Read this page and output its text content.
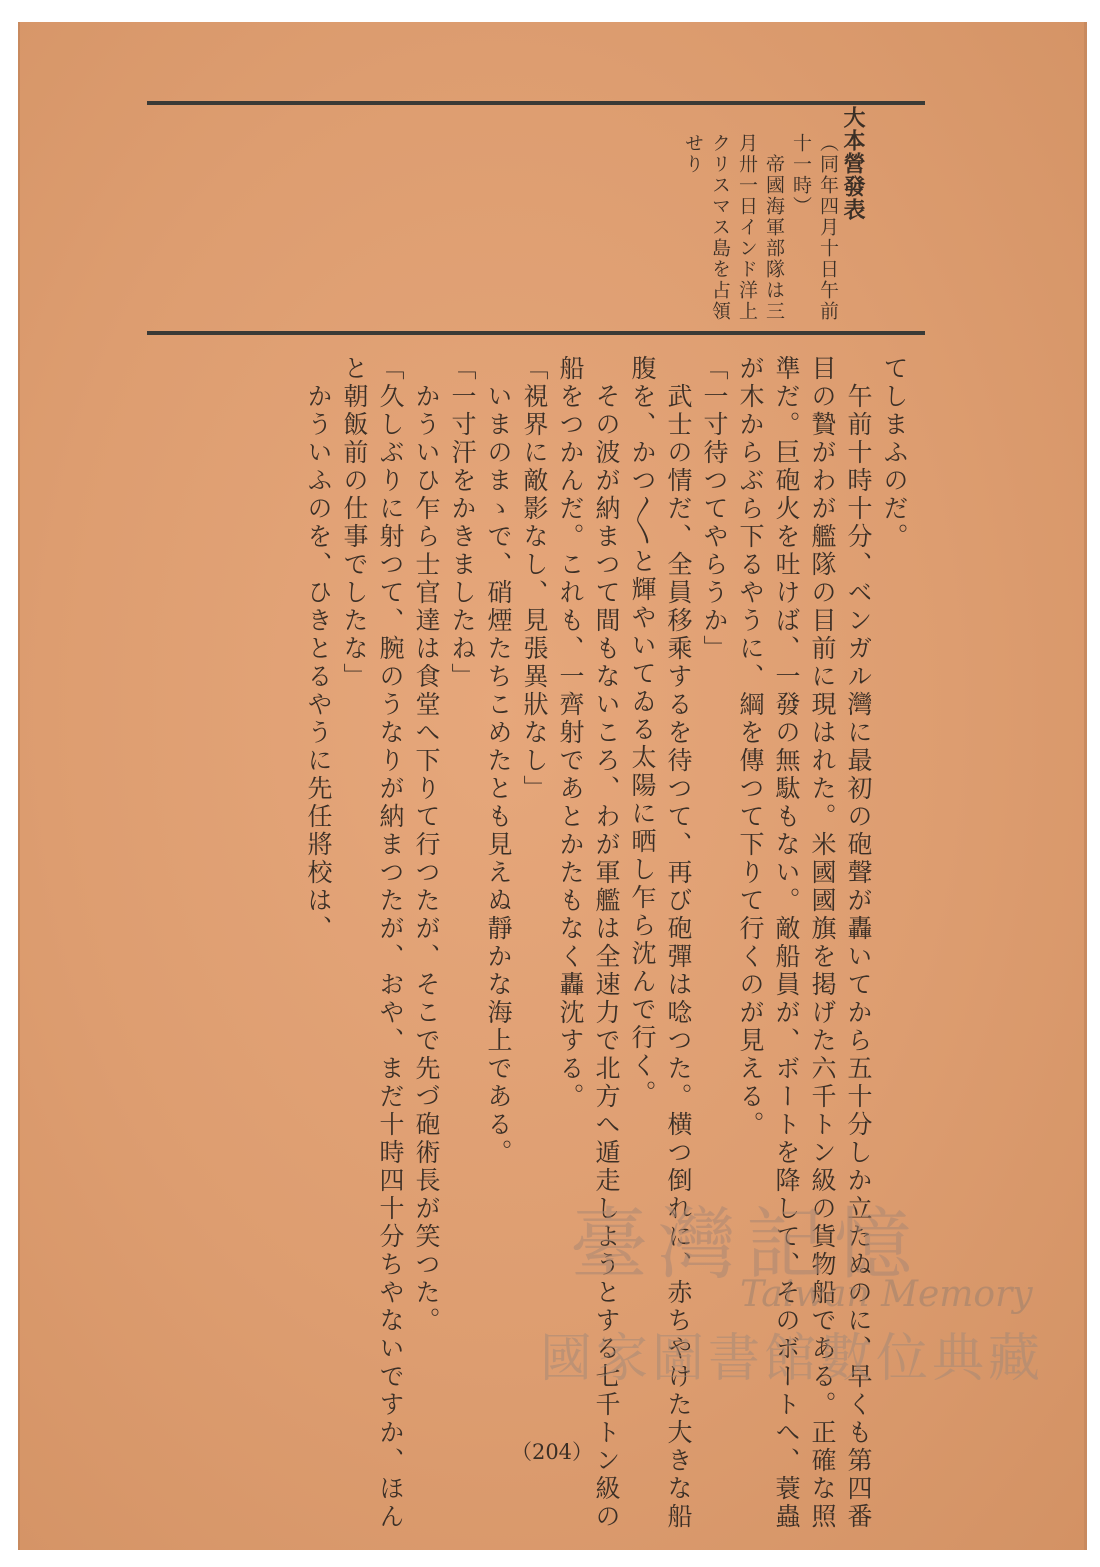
大本營發表
（同年四月十日午前
十一時）
　帝國海軍部隊は三
月卅一日インド洋上
クリスマス島を占領
せり
てしまふのだ。
　午前十時十分、ベンガル灣に最初の砲聲が轟いてから五十分しか立たぬのに、早くも第四番
目の贄がわが艦隊の目前に現はれた。米國國旗を掲げた六千トン級の貨物船である。正確な照
準だ。巨砲火を吐けば、一發の無駄もない。敵船員が、ボートを降して、そのボートへ、蓑蟲
が木からぶら下るやうに、綱を傳つて下りて行くのが見える。
「一寸待つてやらうか」
　武士の情だ、全員移乘するを待つて、再び砲彈は唸つた。横つ倒れに、赤ちやけた大きな船
腹を、かつ〳〵と輝やいてゐる太陽に晒し乍ら沈んで行く。
　その波が納まつて間もないころ、わが軍艦は全速力で北方へ遁走しようとする七千トン級の
船をつかんだ。これも、一齊射であとかたもなく轟沈する。
「視界に敵影なし、見張異狀なし」
　いまのまゝで、硝煙たちこめたとも見えぬ靜かな海上である。
「一寸汗をかきましたね」
　かういひ乍ら士官達は食堂へ下りて行つたが、そこで先づ砲術長が笑つた。
「久しぶりに射つて、腕のうなりが納まつたが、おや、まだ十時四十分ちやないですか、ほん
と朝飯前の仕事でしたな」
　かういふのを、ひきとるやうに先任將校は、
（204）
臺灣記憶
Taiwan Memory
國家圖書館數位典藏
